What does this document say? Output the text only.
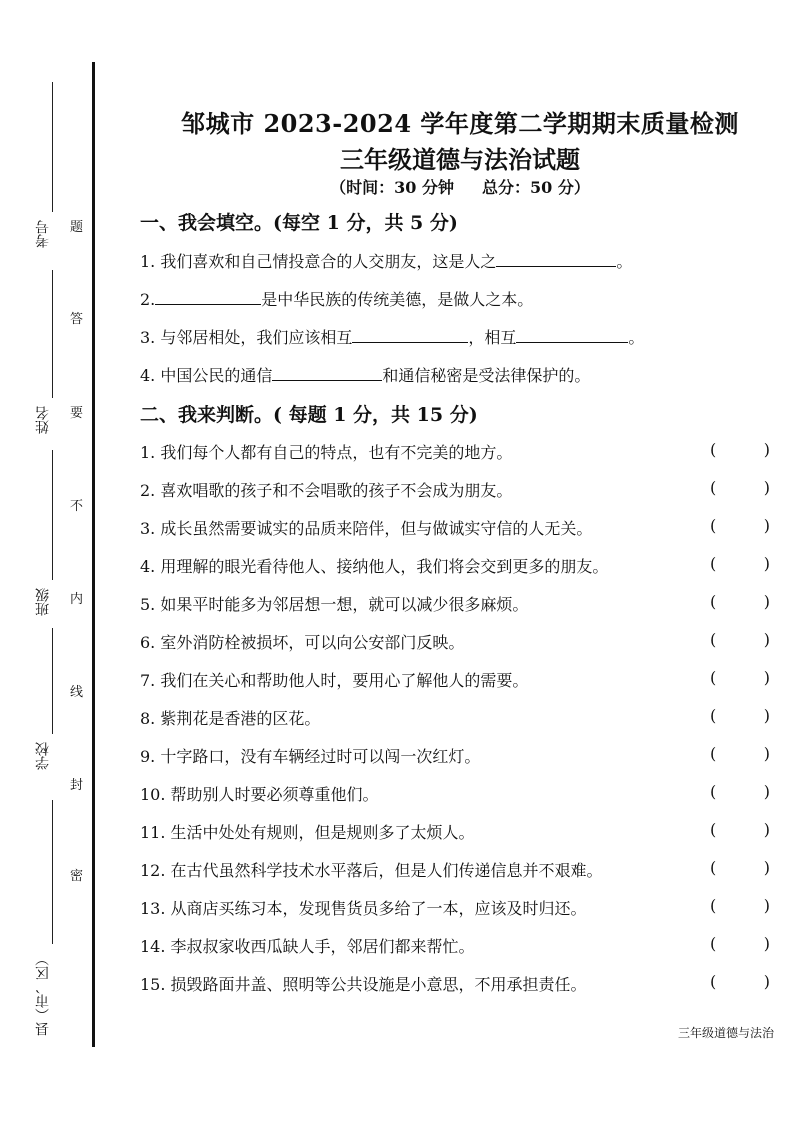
考号
姓名
班级
学校
县（市、区）
题
答
要
不
内
线
封
密
邹城市 2023-2024 学年度第二学期期末质量检测
三年级道德与法治试题
（时间：30 分钟 总分：50 分）
一、我会填空。(每空 1 分，共 5 分)
1. 我们喜欢和自己情投意合的人交朋友，这是人之	。
2.	是中华民族的传统美德，是做人之本。
3. 与邻居相处，我们应该相互	，相互	。
4. 中国公民的通信	和通信秘密是受法律保护的。
二、我来判断。( 每题 1 分，共 15 分)
1. 我们每个人都有自己的特点，也有不完美的地方。	(	)
2. 喜欢唱歌的孩子和不会唱歌的孩子不会成为朋友。	(	)
3. 成长虽然需要诚实的品质来陪伴，但与做诚实守信的人无关。	(	)
4. 用理解的眼光看待他人、接纳他人，我们将会交到更多的朋友。	(	)
5. 如果平时能多为邻居想一想，就可以减少很多麻烦。	(	)
6. 室外消防栓被损坏，可以向公安部门反映。	(	)
7. 我们在关心和帮助他人时，要用心了解他人的需要。	(	)
8. 紫荆花是香港的区花。	(	)
9. 十字路口，没有车辆经过时可以闯一次红灯。	(	)
10. 帮助别人时要必须尊重他们。	(	)
11. 生活中处处有规则，但是规则多了太烦人。	(	)
12. 在古代虽然科学技术水平落后，但是人们传递信息并不艰难。	(	)
13. 从商店买练习本，发现售货员多给了一本，应该及时归还。	(	)
14. 李叔叔家收西瓜缺人手，邻居们都来帮忙。	(	)
15. 损毁路面井盖、照明等公共设施是小意思，不用承担责任。	(	)
三年级道德与法治
